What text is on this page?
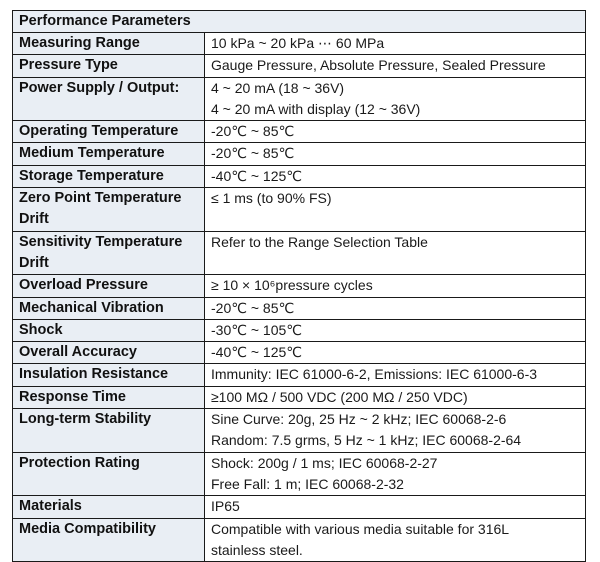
Performance Parameters	
Measuring Range	10 kPa ~ 20 kPa ⋯ 60 MPa

Pressure Type	Gauge Pressure, Absolute Pressure, Sealed Pressure

Power Supply / Output:	4 ~ 20 mA (18 ~ 36V)
4 ~ 20 mA with display (12 ~ 36V)

Operating Temperature	-20℃ ~ 85℃

Medium Temperature	-20℃ ~ 85℃

Storage Temperature	-40℃ ~ 125℃

Zero Point Temperature Drift	≤ 1 ms (to 90% FS)

Sensitivity Temperature Drift	Refer to the Range Selection Table

Overload Pressure	≥ 10 × 10⁶pressure cycles

Mechanical Vibration	-20℃ ~ 85℃

Shock	-30℃ ~ 105℃

Overall Accuracy	-40℃ ~ 125℃

Insulation Resistance	Immunity: IEC 61000-6-2, Emissions: IEC 61000-6-3

Response Time	≥100 MΩ / 500 VDC (200 MΩ / 250 VDC)

Long-term Stability	Sine Curve: 20g, 25 Hz ~ 2 kHz; IEC 60068-2-6
Random: 7.5 grms, 5 Hz ~ 1 kHz; IEC 60068-2-64

Protection Rating	Shock: 200g / 1 ms; IEC 60068-2-27
Free Fall: 1 m; IEC 60068-2-32

Materials	IP65

Media Compatibility	Compatible with various media suitable for 316L
stainless steel.
